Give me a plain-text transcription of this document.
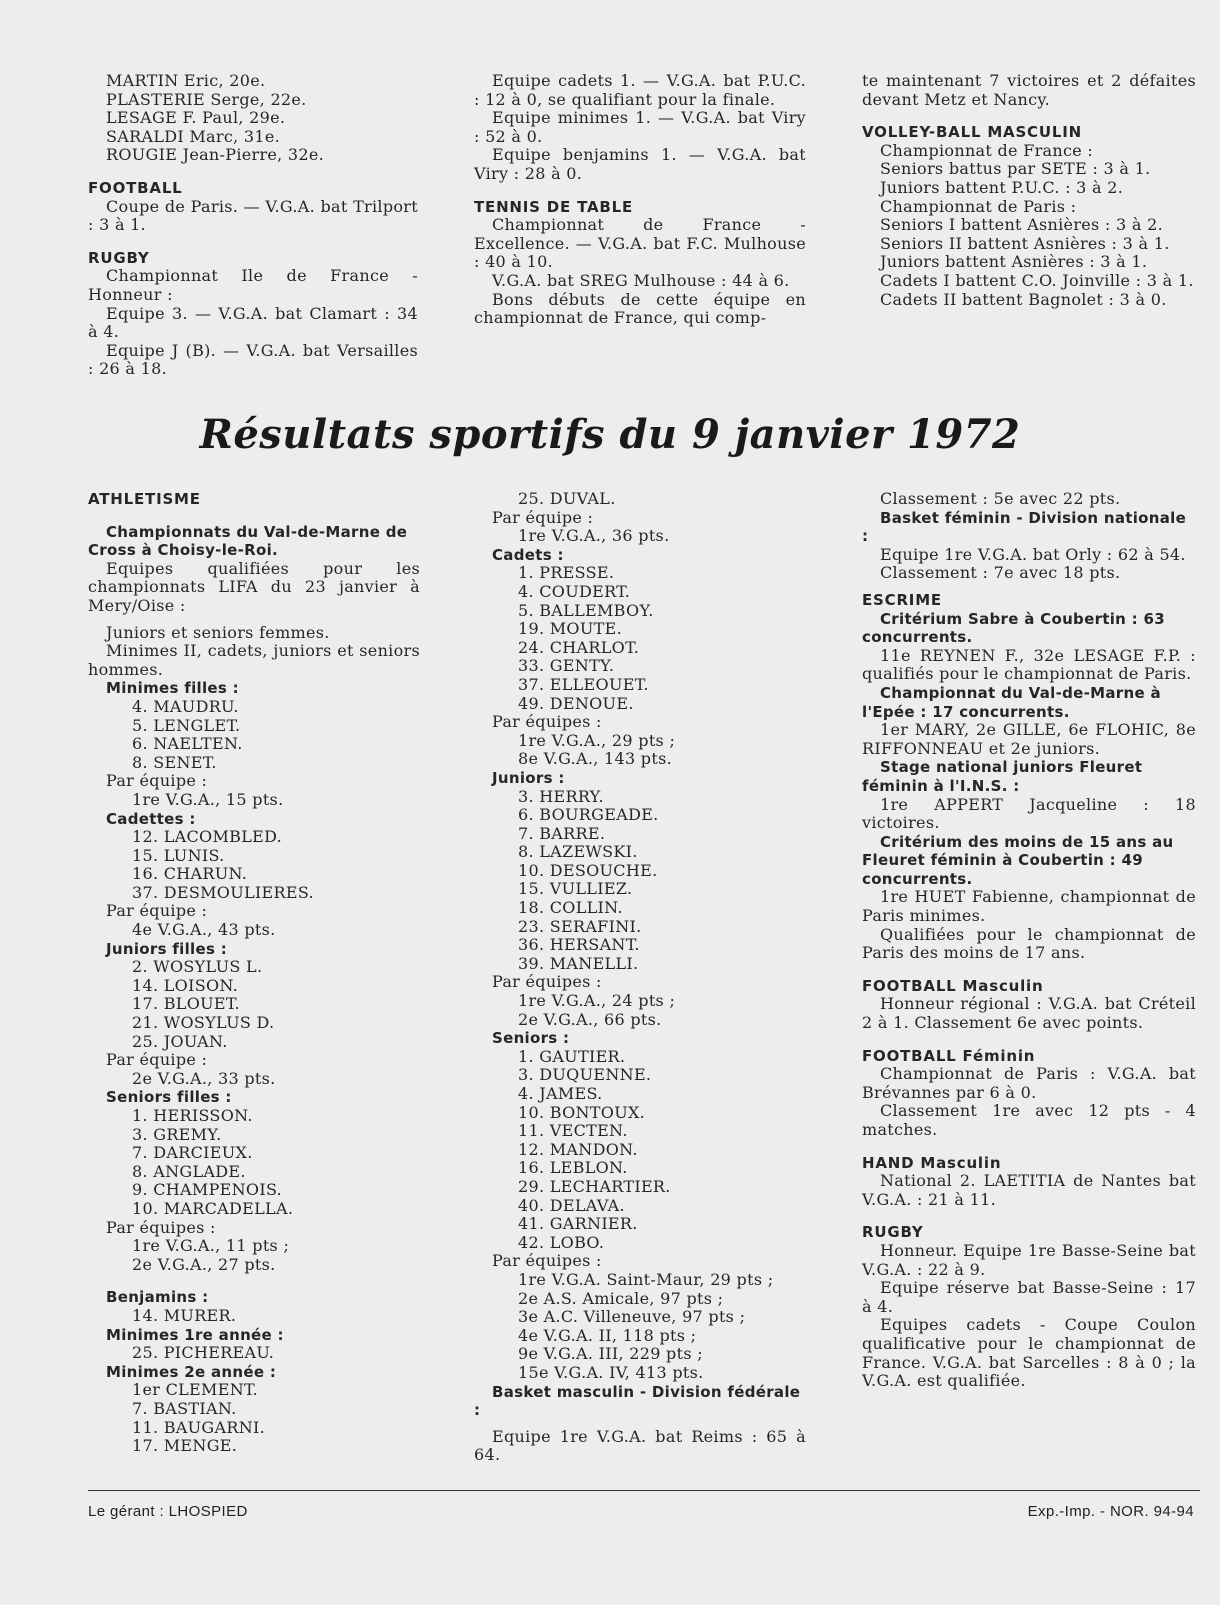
MARTIN Eric, 20e.
PLASTERIE Serge, 22e.
LESAGE F. Paul, 29e.
SARALDI Marc, 31e.
ROUGIE Jean-Pierre, 32e.
FOOTBALL
Coupe de Paris. — V.G.A. bat Trilport : 3 à 1.
RUGBY
Championnat Ile de France - Honneur :
Equipe 3. — V.G.A. bat Clamart : 34 à 4.
Equipe J (B). — V.G.A. bat Versailles : 26 à 18.
Equipe cadets 1. — V.G.A. bat P.U.C. : 12 à 0, se qualifiant pour la finale.
Equipe minimes 1. — V.G.A. bat Viry : 52 à 0.
Equipe benjamins 1. — V.G.A. bat Viry : 28 à 0.
TENNIS DE TABLE
Championnat de France - Excellence. — V.G.A. bat F.C. Mulhouse : 40 à 10.
V.G.A. bat SREG Mulhouse : 44 à 6.
Bons débuts de cette équipe en championnat de France, qui comp-
te maintenant 7 victoires et 2 défaites devant Metz et Nancy.
VOLLEY-BALL MASCULIN
Championnat de France :
Seniors battus par SETE : 3 à 1.
Juniors battent P.U.C. : 3 à 2.
Championnat de Paris :
Seniors I battent Asnières : 3 à 2.
Seniors II battent Asnières : 3 à 1.
Juniors battent Asnières : 3 à 1.
Cadets I battent C.O. Joinville : 3 à 1.
Cadets II battent Bagnolet : 3 à 0.
Résultats sportifs du 9 janvier 1972
ATHLETISME
Championnats du Val-de-Marne de Cross à Choisy-le-Roi.
Equipes qualifiées pour les championnats LIFA du 23 janvier à Mery/Oise :
Juniors et seniors femmes.
Minimes II, cadets, juniors et seniors hommes.
Minimes filles :
4. MAUDRU.
5. LENGLET.
6. NAELTEN.
8. SENET.
Par équipe :
1re V.G.A., 15 pts.
Cadettes :
12. LACOMBLED.
15. LUNIS.
16. CHARUN.
37. DESMOULIERES.
Par équipe :
4e V.G.A., 43 pts.
Juniors filles :
2. WOSYLUS L.
14. LOISON.
17. BLOUET.
21. WOSYLUS D.
25. JOUAN.
Par équipe :
2e V.G.A., 33 pts.
Seniors filles :
1. HERISSON.
3. GREMY.
7. DARCIEUX.
8. ANGLADE.
9. CHAMPENOIS.
10. MARCADELLA.
Par équipes :
1re V.G.A., 11 pts ;
2e V.G.A., 27 pts.
Benjamins :
14. MURER.
Minimes 1re année :
25. PICHEREAU.
Minimes 2e année :
1er CLEMENT.
7. BASTIAN.
11. BAUGARNI.
17. MENGE.
25. DUVAL.
Par équipe :
1re V.G.A., 36 pts.
Cadets :
1. PRESSE.
4. COUDERT.
5. BALLEMBOY.
19. MOUTE.
24. CHARLOT.
33. GENTY.
37. ELLEOUET.
49. DENOUE.
Par équipes :
1re V.G.A., 29 pts ;
8e V.G.A., 143 pts.
Juniors :
3. HERRY.
6. BOURGEADE.
7. BARRE.
8. LAZEWSKI.
10. DESOUCHE.
15. VULLIEZ.
18. COLLIN.
23. SERAFINI.
36. HERSANT.
39. MANELLI.
Par équipes :
1re V.G.A., 24 pts ;
2e V.G.A., 66 pts.
Seniors :
1. GAUTIER.
3. DUQUENNE.
4. JAMES.
10. BONTOUX.
11. VECTEN.
12. MANDON.
16. LEBLON.
29. LECHARTIER.
40. DELAVA.
41. GARNIER.
42. LOBO.
Par équipes :
1re V.G.A. Saint-Maur, 29 pts ;
2e A.S. Amicale, 97 pts ;
3e A.C. Villeneuve, 97 pts ;
4e V.G.A. II, 118 pts ;
9e V.G.A. III, 229 pts ;
15e V.G.A. IV, 413 pts.
Basket masculin - Division fédérale :
Equipe 1re V.G.A. bat Reims : 65 à 64.
Classement : 5e avec 22 pts.
Basket féminin - Division nationale :
Equipe 1re V.G.A. bat Orly : 62 à 54.
Classement : 7e avec 18 pts.
ESCRIME
Critérium Sabre à Coubertin : 63 concurrents.
11e REYNEN F., 32e LESAGE F.P. : qualifiés pour le championnat de Paris.
Championnat du Val-de-Marne à l'Epée : 17 concurrents.
1er MARY, 2e GILLE, 6e FLOHIC, 8e RIFFONNEAU et 2e juniors.
Stage national juniors Fleuret féminin à l'I.N.S. :
1re APPERT Jacqueline : 18 victoires.
Critérium des moins de 15 ans au Fleuret féminin à Coubertin : 49 concurrents.
1re HUET Fabienne, championnat de Paris minimes.
Qualifiées pour le championnat de Paris des moins de 17 ans.
FOOTBALL Masculin
Honneur régional : V.G.A. bat Créteil 2 à 1. Classement 6e avec points.
FOOTBALL Féminin
Championnat de Paris : V.G.A. bat Brévannes par 6 à 0.
Classement 1re avec 12 pts - 4 matches.
HAND Masculin
National 2. LAETITIA de Nantes bat V.G.A. : 21 à 11.
RUGBY
Honneur. Equipe 1re Basse-Seine bat V.G.A. : 22 à 9.
Equipe réserve bat Basse-Seine : 17 à 4.
Equipes cadets - Coupe Coulon qualificative pour le championnat de France. V.G.A. bat Sarcelles : 8 à 0 ; la V.G.A. est qualifiée.
Le gérant : LHOSPIED	Exp.-Imp. - NOR. 94-94
